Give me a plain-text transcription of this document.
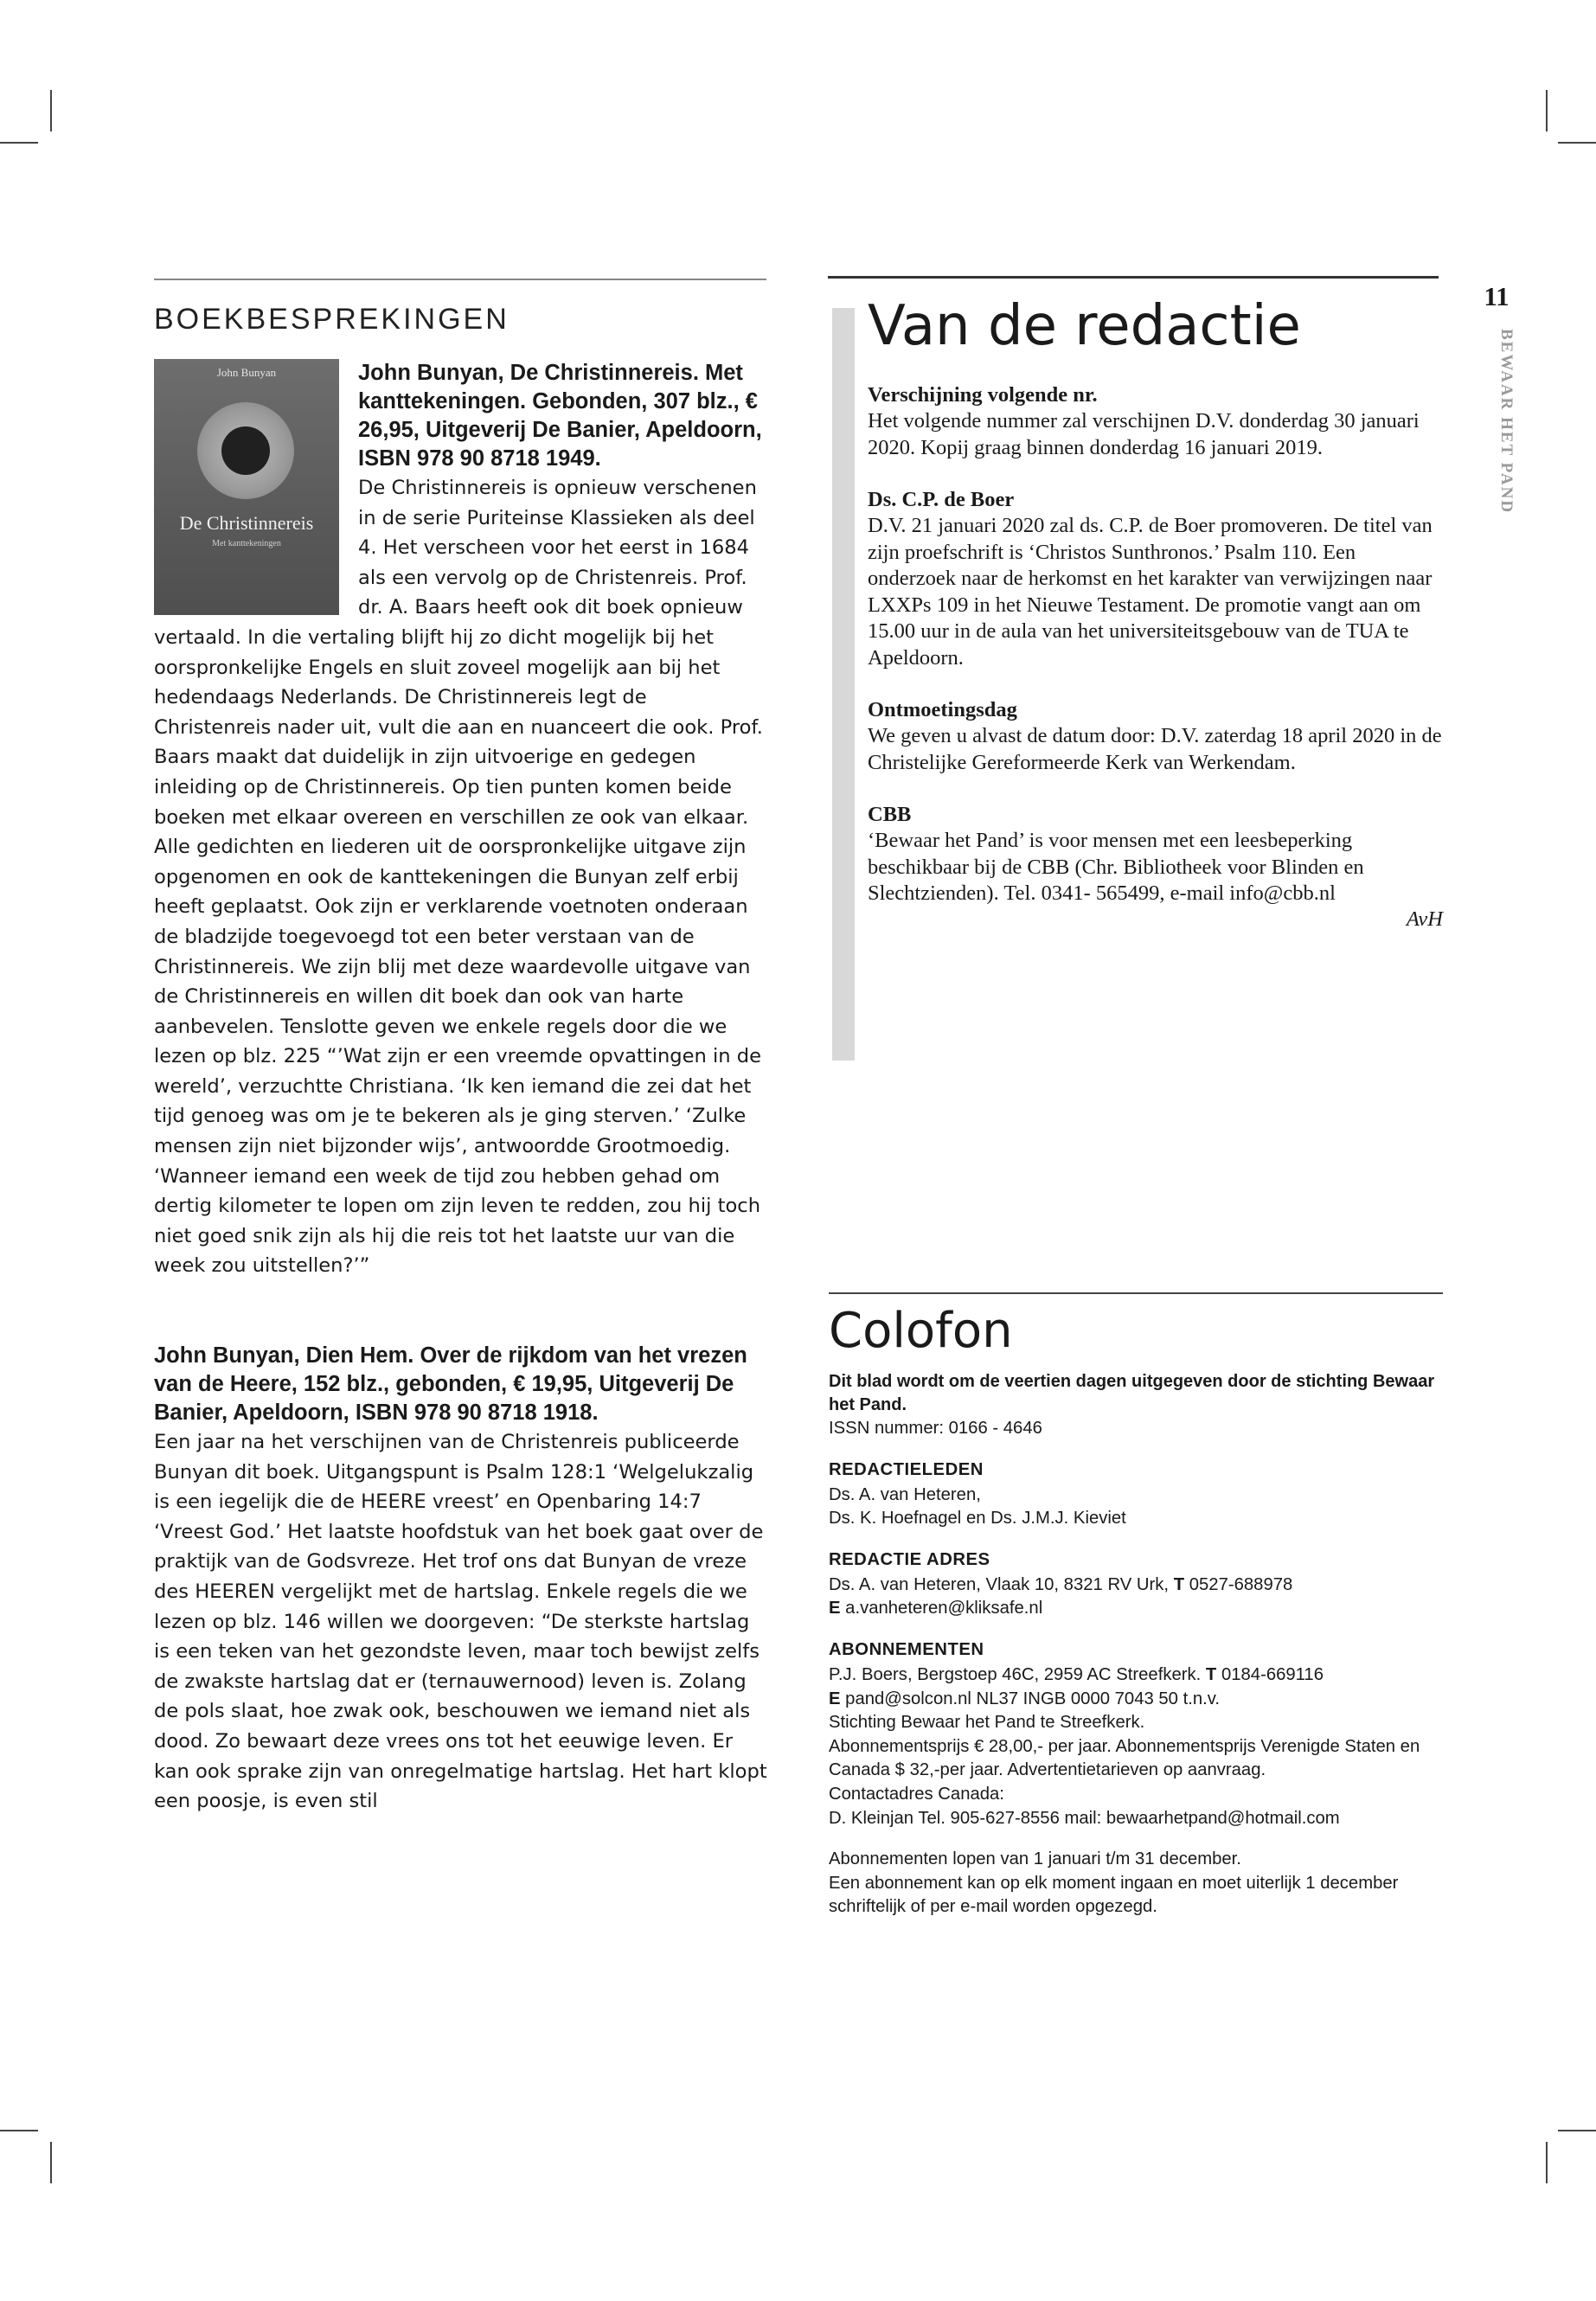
11
BEWAAR HET PAND
BOEKBESPREKINGEN
John Bunyan
De Christinnereis
Met kanttekeningen

John Bunyan, De Christinnereis. Met kanttekeningen. Gebonden, 307 blz., € 26,95, Uitgeverij De Banier, Apeldoorn, ISBN 978 90 8718 1949.

De Christinnereis is opnieuw verschenen in de serie Puriteinse Klassieken als deel 4. Het verscheen voor het eerst in 1684 als een vervolg op de Christenreis. Prof. dr. A. Baars heeft ook dit boek opnieuw vertaald. In die vertaling blijft hij zo dicht mogelijk bij het oorspronkelijke Engels en sluit zoveel mogelijk aan bij het hedendaags Nederlands. De Christinnereis legt de Christenreis nader uit, vult die aan en nuanceert die ook. Prof. Baars maakt dat duidelijk in zijn uitvoerige en gedegen inleiding op de Christinnereis. Op tien punten komen beide boeken met elkaar overeen en verschillen ze ook van elkaar. Alle gedichten en liederen uit de oorspronkelijke uitgave zijn opgenomen en ook de kanttekeningen die Bunyan zelf erbij heeft geplaatst. Ook zijn er verklarende voetnoten onderaan de bladzijde toegevoegd tot een beter verstaan van de Christinnereis. We zijn blij met deze waardevolle uitgave van de Christinnereis en willen dit boek dan ook van harte aanbevelen. Tenslotte geven we enkele regels door die we lezen op blz. 225 “’Wat zijn er een vreemde opvattingen in de wereld’, verzuchtte Christiana. ‘Ik ken iemand die zei dat het tijd genoeg was om je te bekeren als je ging sterven.’ ‘Zulke mensen zijn niet bijzonder wijs’, antwoordde Grootmoedig. ‘Wanneer iemand een week de tijd zou hebben gehad om dertig kilometer te lopen om zijn leven te redden, zou hij toch niet goed snik zijn als hij die reis tot het laatste uur van die week zou uitstellen?’”

John Bunyan, Dien Hem. Over de rijkdom van het vrezen van de Heere, 152 blz., gebonden, € 19,95, Uitgeverij De Banier, Apeldoorn, ISBN 978 90 8718 1918.

Een jaar na het verschijnen van de Christenreis publiceerde Bunyan dit boek. Uitgangspunt is Psalm 128:1 ‘Welgelukzalig is een iegelijk die de HEERE vreest’ en Openbaring 14:7 ‘Vreest God.’ Het laatste hoofdstuk van het boek gaat over de praktijk van de Godsvreze. Het trof ons dat Bunyan de vreze des HEEREN vergelijkt met de hartslag. Enkele regels die we lezen op blz. 146 willen we doorgeven: “De sterkste hartslag is een teken van het gezondste leven, maar toch bewijst zelfs de zwakste hartslag dat er (ternauwernood) leven is. Zolang de pols slaat, hoe zwak ook, beschouwen we iemand niet als dood. Zo bewaart deze vrees ons tot het eeuwige leven. Er kan ook sprake zijn van onregelmatige hartslag. Het hart klopt een poosje, is even stil

Van de redactie

Verschijning volgende nr.

Het volgende nummer zal verschijnen D.V. donderdag 30 januari 2020. Kopij graag binnen donderdag 16 januari 2019.

Ds. C.P. de Boer

D.V. 21 januari 2020 zal ds. C.P. de Boer promoveren. De titel van zijn proefschrift is ‘Christos Sunthronos.’ Psalm 110. Een onderzoek naar de herkomst en het karakter van verwijzingen naar LXXPs 109 in het Nieuwe Testament. De promotie vangt aan om 15.00 uur in de aula van het universiteitsgebouw van de TUA te Apeldoorn.

Ontmoetingsdag

We geven u alvast de datum door: D.V. zaterdag 18 april 2020 in de Christelijke Gereformeerde Kerk van Werkendam.

CBB

‘Bewaar het Pand’ is voor mensen met een leesbeperking beschikbaar bij de CBB (Chr. Bibliotheek voor Blinden en Slechtzienden). Tel. 0341- 565499, e-mail info@cbb.nl

AvH

Colofon

Dit blad wordt om de veertien dagen uitgegeven door de stichting Bewaar het Pand.

ISSN nummer: 0166 - 4646

REDACTIELEDEN

Ds. A. van Heteren,

Ds. K. Hoefnagel en Ds. J.M.J. Kieviet

REDACTIE ADRES

Ds. A. van Heteren, Vlaak 10, 8321 RV Urk, T 0527-688978

E a.vanheteren@kliksafe.nl

ABONNEMENTEN

P.J. Boers, Bergstoep 46C, 2959 AC Streefkerk. T 0184-669116

E pand@solcon.nl NL37 INGB 0000 7043 50 t.n.v.

Stichting Bewaar het Pand te Streefkerk.

Abonnementsprijs € 28,00,- per jaar. Abonnementsprijs Verenigde Staten en Canada $ 32,-per jaar. Advertentietarieven op aanvraag.

Contactadres Canada:

D. Kleinjan Tel. 905-627-8556 mail: bewaarhetpand@hotmail.com

Abonnementen lopen van 1 januari t/m 31 december.

Een abonnement kan op elk moment ingaan en moet uiterlijk 1 december schriftelijk of per e-mail worden opgezegd.
